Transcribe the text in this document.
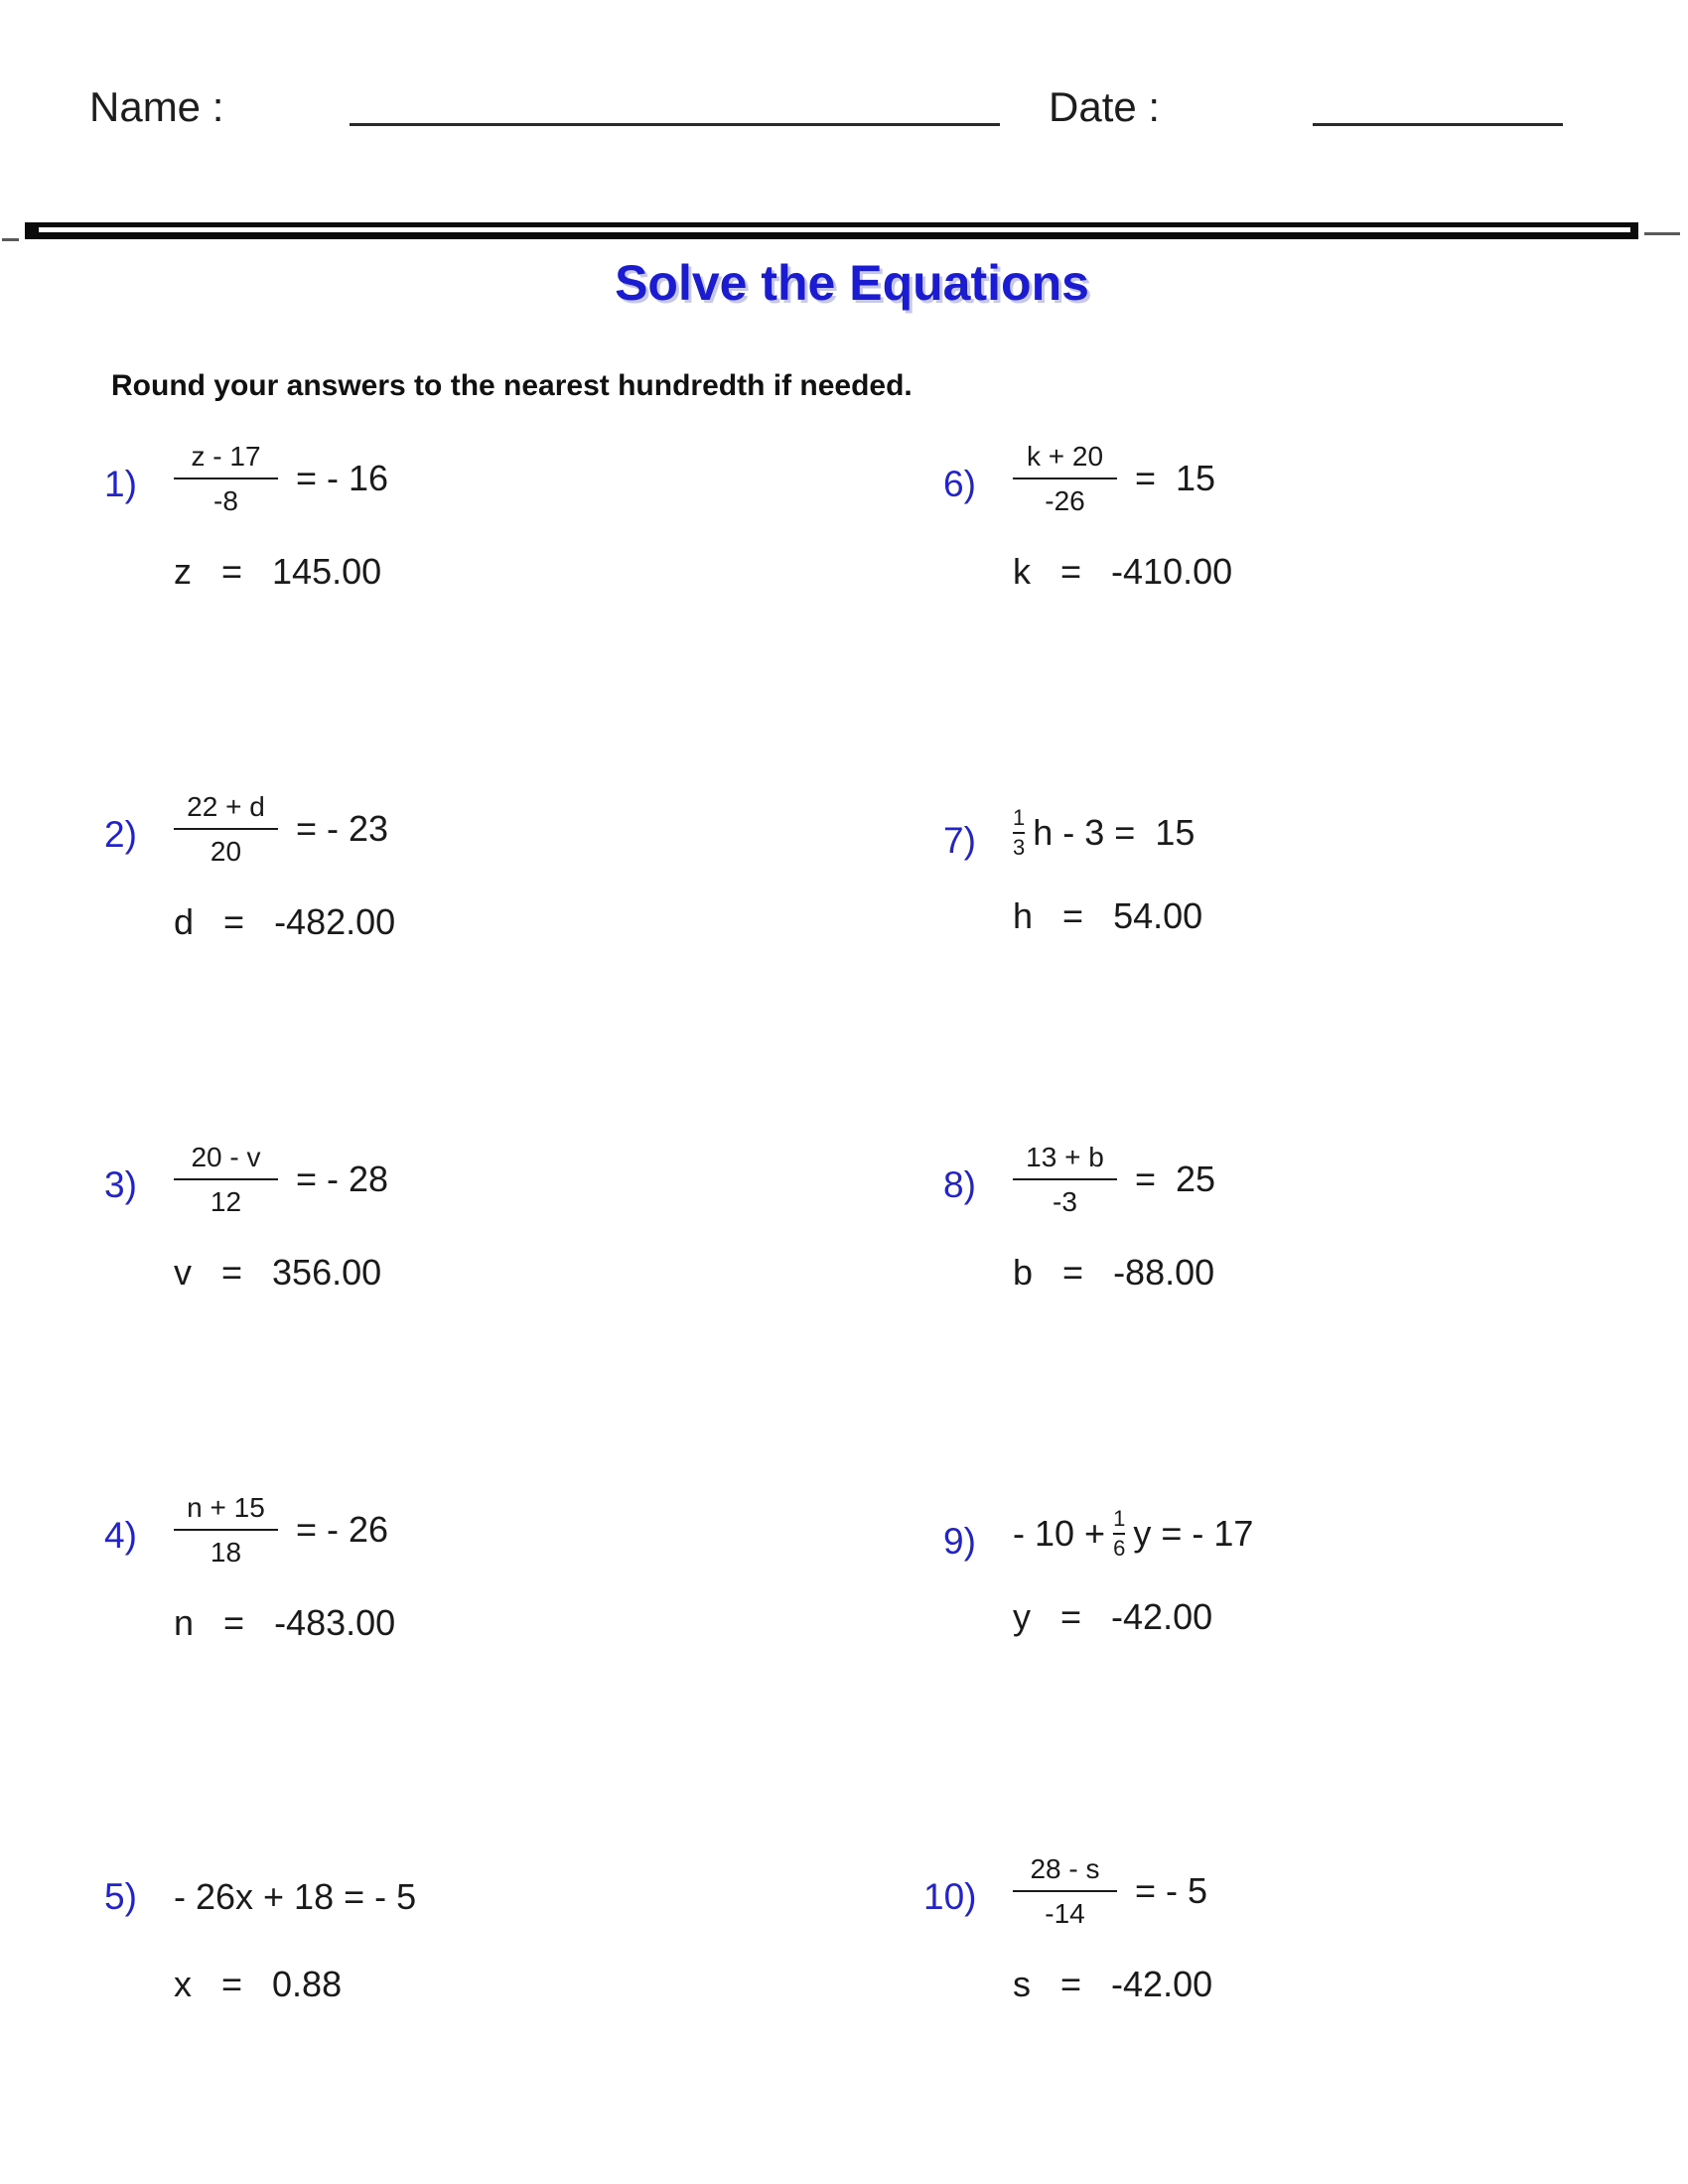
Name :	Date :
Solve the Equations
Round your answers to the nearest hundredth if needed.
1)	$\frac{z - 17}{-8}$ = - 16
z = 145.00
2)	$\frac{22 + d}{20}$ = - 23
d = -482.00
3)	$\frac{20 - v}{12}$ = - 28
v = 356.00
4)	$\frac{n + 15}{18}$ = - 26
n = -483.00
5)	- 26x + 18 = - 5
x = 0.88
6)	$\frac{k + 20}{-26} = 15$
k = -410.00
7)
1
3 h - 3 =  15
h = 54.00
8)	$\frac{13 + b}{-3} = 25$
b = -88.00
9)	- 10 + 1
6 y = - 17
y = -42.00
10)	$\frac{28 - s}{-14}$ = - 5
s = -42.00
